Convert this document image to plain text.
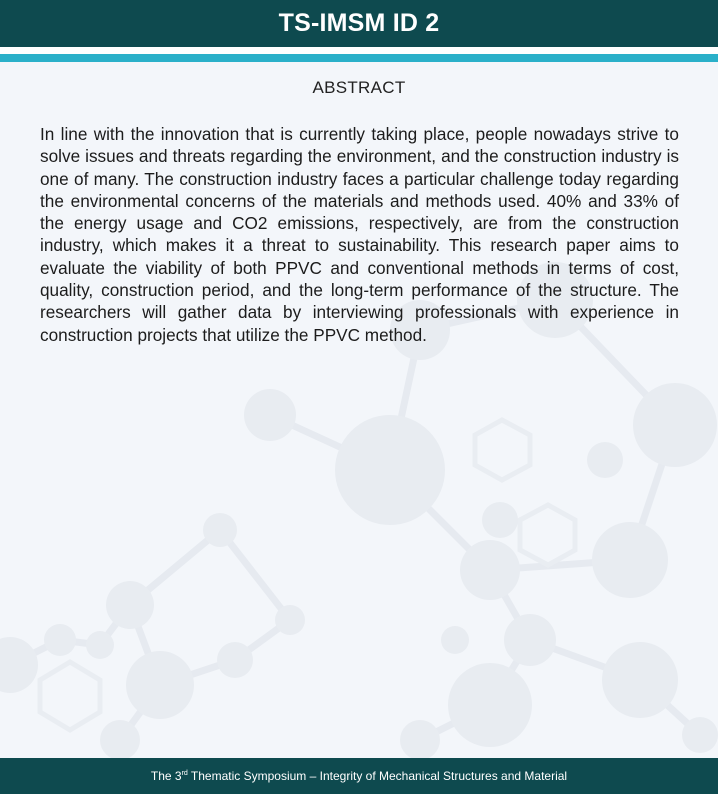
TS-IMSM ID 2
ABSTRACT

In line with the innovation that is currently taking place, people nowadays strive to solve issues and threats regarding the environment, and the construction industry is one of many. The construction industry faces a particular challenge today regarding the environmental concerns of the materials and methods used. 40% and 33% of the energy usage and CO2 emissions, respectively, are from the construction industry, which makes it a threat to sustainability. This research paper aims to evaluate the viability of both PPVC and conventional methods in terms of cost, quality, construction period, and the long-term performance of the structure. The researchers will gather data by interviewing professionals with experience in construction projects that utilize the PPVC method.

The 3rd Thematic Symposium – Integrity of Mechanical Structures and Material
